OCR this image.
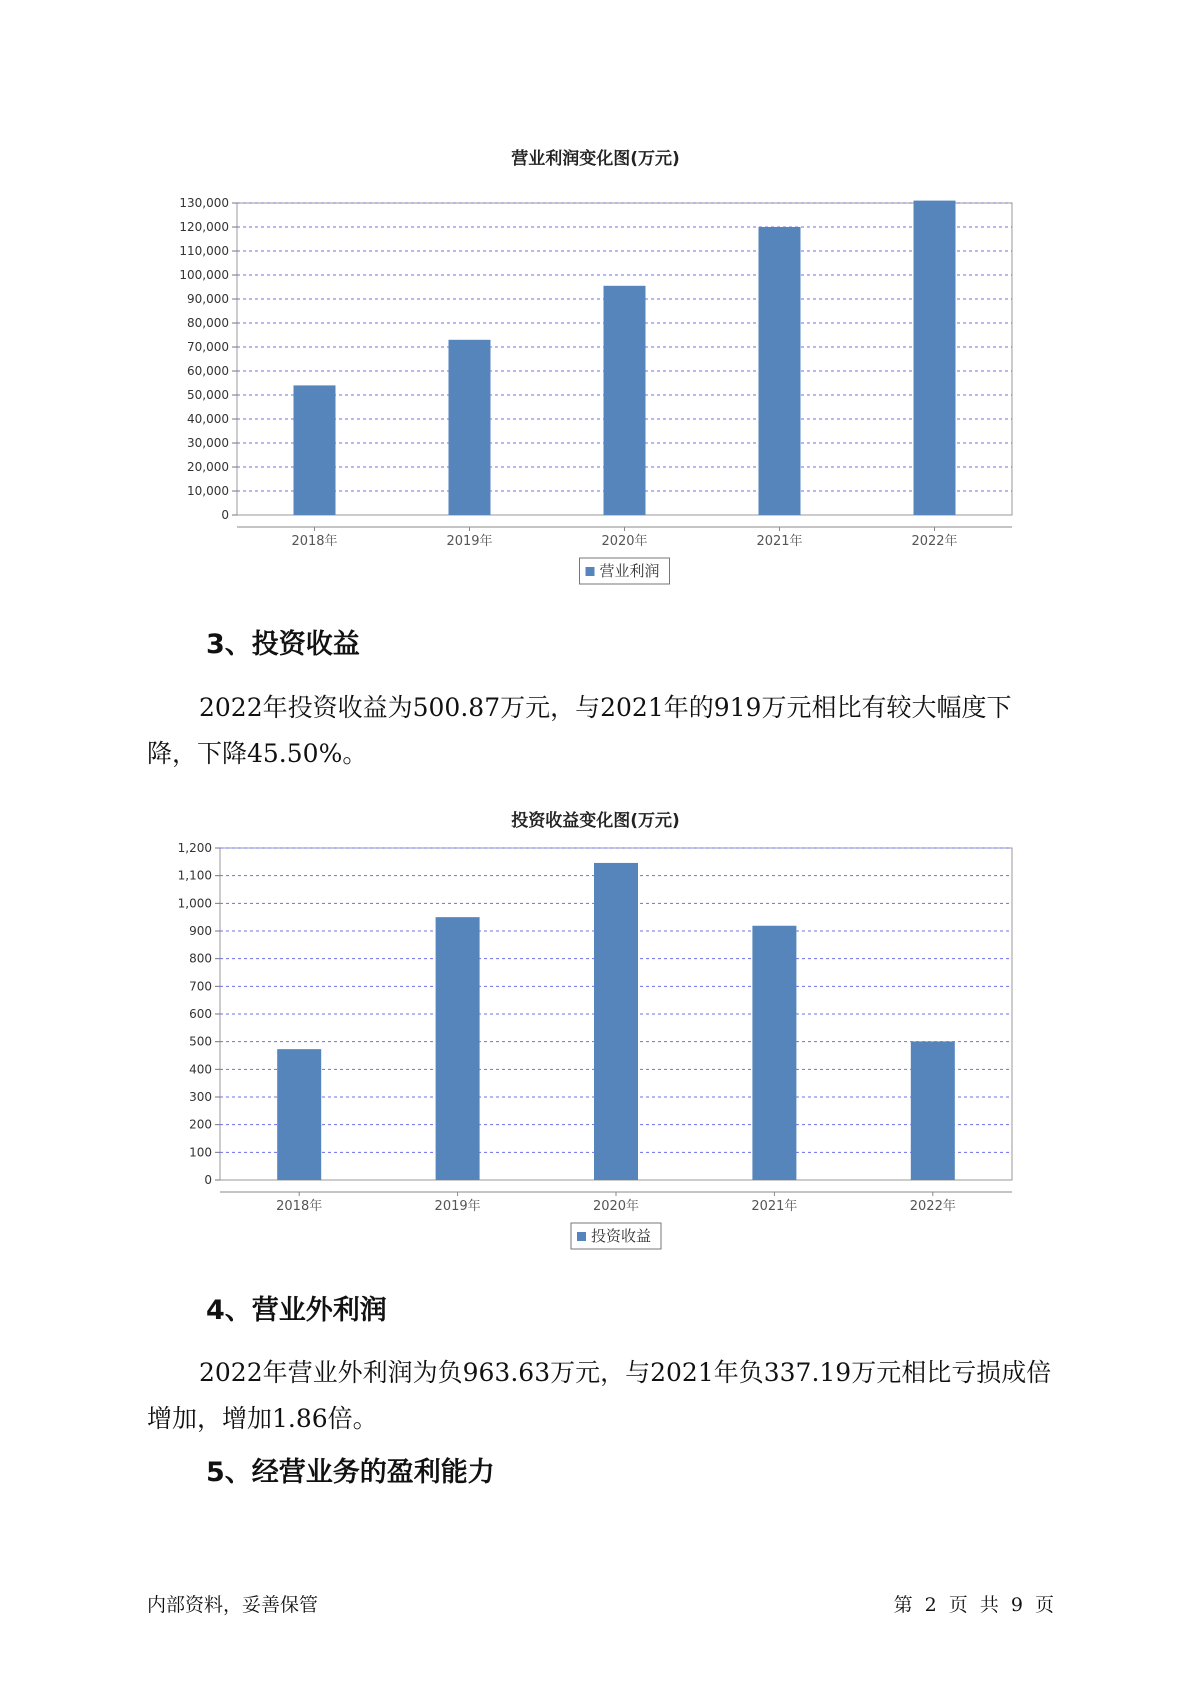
营业利润变化图(万元)
0
10,000
20,000
30,000
40,000
50,000
60,000
70,000
80,000
90,000
100,000
110,000
120,000
130,000
2018年	2019年	2020年	2021年	2022年
营业利润
3、投资收益

2022年投资收益为500.87万元，与2021年的919万元相比有较大幅度下降，下降45.50%。

投资收益变化图(万元)
0
100
200
300
400
500
600
700
800
900
1,000
1,100
1,200
2018年	2019年	2020年	2021年	2022年
投资收益
4、营业外利润

2022年营业外利润为负963.63万元，与2021年负337.19万元相比亏损成倍增加，增加1.86倍。

5、经营业务的盈利能力
内部资料，妥善保管	第 2 页 共 9 页
